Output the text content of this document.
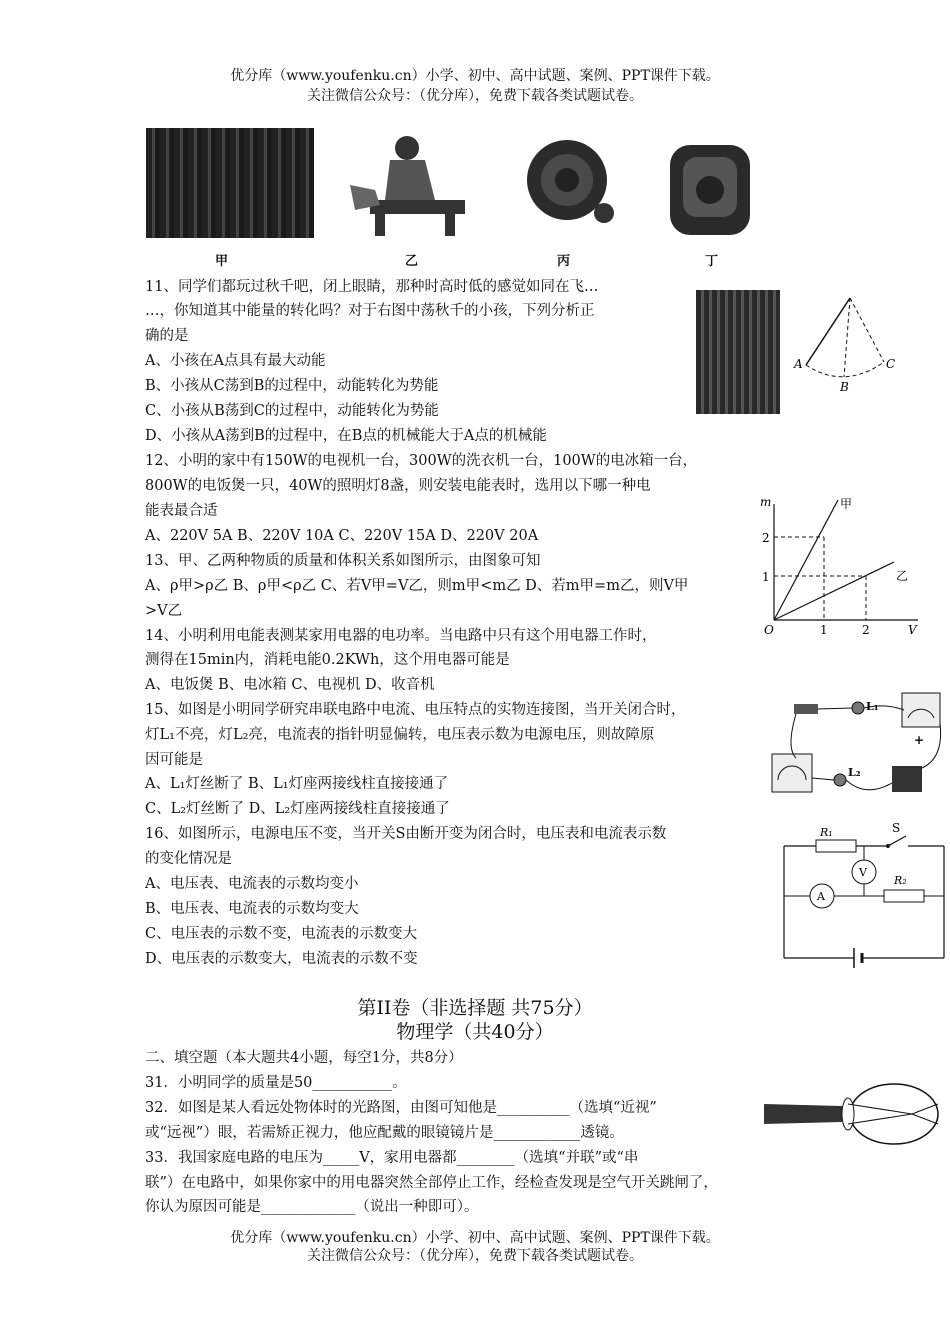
优分库（www.youfenku.cn）小学、初中、高中试题、案例、PPT课件下载。
关注微信公众号：（优分库），免费下载各类试题试卷。
甲	乙	丙	丁
11、同学们都玩过秋千吧，闭上眼睛，那种时高时低的感觉如同在飞…
…，你知道其中能量的转化吗？对于右图中荡秋千的小孩，下列分析正
确的是
A、小孩在A点具有最大动能
B、小孩从C荡到B的过程中，动能转化为势能
C、小孩从B荡到C的过程中，动能转化为势能
D、小孩从A荡到B的过程中，在B点的机械能大于A点的机械能
A
B
C
12、小明的家中有150W的电视机一台，300W的洗衣机一台，100W的电冰箱一台，
800W的电饭煲一只，40W的照明灯8盏，则安装电能表时，选用以下哪一种电
能表最合适
A、220V 5A B、220V 10A C、220V 15A D、220V 20A
13、甲、乙两种物质的质量和体积关系如图所示，由图象可知
A、ρ甲>ρ乙 B、ρ甲<ρ乙 C、若V甲=V乙，则m甲<m乙 D、若m甲=m乙，则V甲
>V乙
m
V
O	1	2
1
2
甲
乙
14、小明利用电能表测某家用电器的电功率。当电路中只有这个用电器工作时，
测得在15min内，消耗电能0.2KWh，这个用电器可能是
A、电饭煲 B、电冰箱 C、电视机 D、收音机
15、如图是小明同学研究串联电路中电流、电压特点的实物连接图，当开关闭合时，
灯L₁不亮，灯L₂亮，电流表的指针明显偏转，电压表示数为电源电压，则故障原
因可能是
A、L₁灯丝断了 B、L₁灯座两接线柱直接接通了
C、L₂灯丝断了 D、L₂灯座两接线柱直接接通了
L₁
L₂
+
16、如图所示，电源电压不变，当开关S由断开变为闭合时，电压表和电流表示数
的变化情况是
A、电压表、电流表的示数均变小
B、电压表、电流表的示数均变大
C、电压表的示数不变，电流表的示数变大
D、电压表的示数变大，电流表的示数不变
R₁
R₂
S
V
A
第II卷（非选择题 共75分）
物理学（共40分）
二、填空题（本大题共4小题，每空1分，共8分）
31．小明同学的质量是50___________。
32．如图是某人看远处物体时的光路图，由图可知他是__________（选填“近视”
或“远视”）眼，若需矫正视力，他应配戴的眼镜镜片是____________透镜。
33．我国家庭电路的电压为_____V，家用电器都________（选填“并联”或“串
联”）在电路中，如果你家中的用电器突然全部停止工作，经检查发现是空气开关跳闸了，
你认为原因可能是_____________（说出一种即可）。
优分库（www.youfenku.cn）小学、初中、高中试题、案例、PPT课件下载。
关注微信公众号：（优分库），免费下载各类试题试卷。
